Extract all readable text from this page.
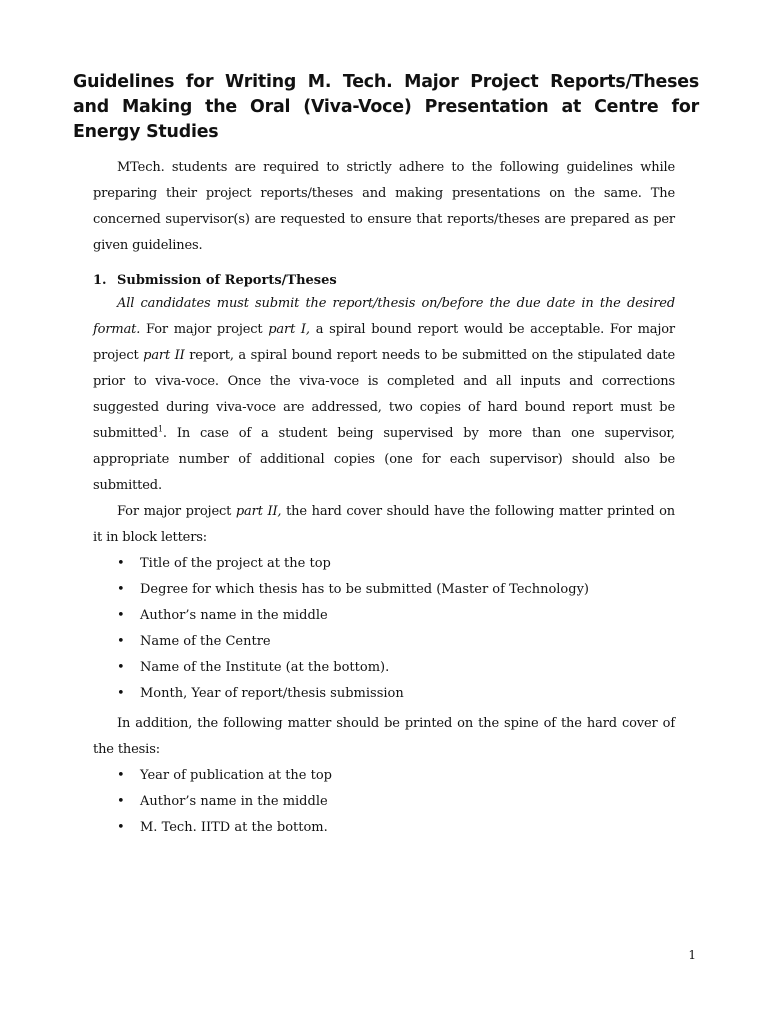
Guidelines for Writing M. Tech. Major Project Reports/Theses and Making the Oral (Viva-Voce) Presentation at Centre for Energy Studies

MTech. students are required to strictly adhere to the following guidelines while preparing their project reports/theses and making presentations on the same. The concerned supervisor(s) are requested to ensure that reports/theses are prepared as per given guidelines.

1. Submission of Reports/Theses

All candidates must submit the report/thesis on/before the due date in the desired format. For major project part I, a spiral bound report would be acceptable. For major project part II report, a spiral bound report needs to be submitted on the stipulated date prior to viva-voce. Once the viva-voce is completed and all inputs and corrections suggested during viva-voce are addressed, two copies of hard bound report must be submitted$^1$. In case of a student being supervised by more than one supervisor, appropriate number of additional copies (one for each supervisor) should also be submitted.

For major project part II, the hard cover should have the following matter printed on it in block letters:

• Title of the project at the top
• Degree for which thesis has to be submitted (Master of Technology)
• Author’s name in the middle
• Name of the Centre
• Name of the Institute (at the bottom).
• Month, Year of report/thesis submission

In addition, the following matter should be printed on the spine of the hard cover of the thesis:

• Year of publication at the top
• Author’s name in the middle
• M. Tech. IITD at the bottom.
1
